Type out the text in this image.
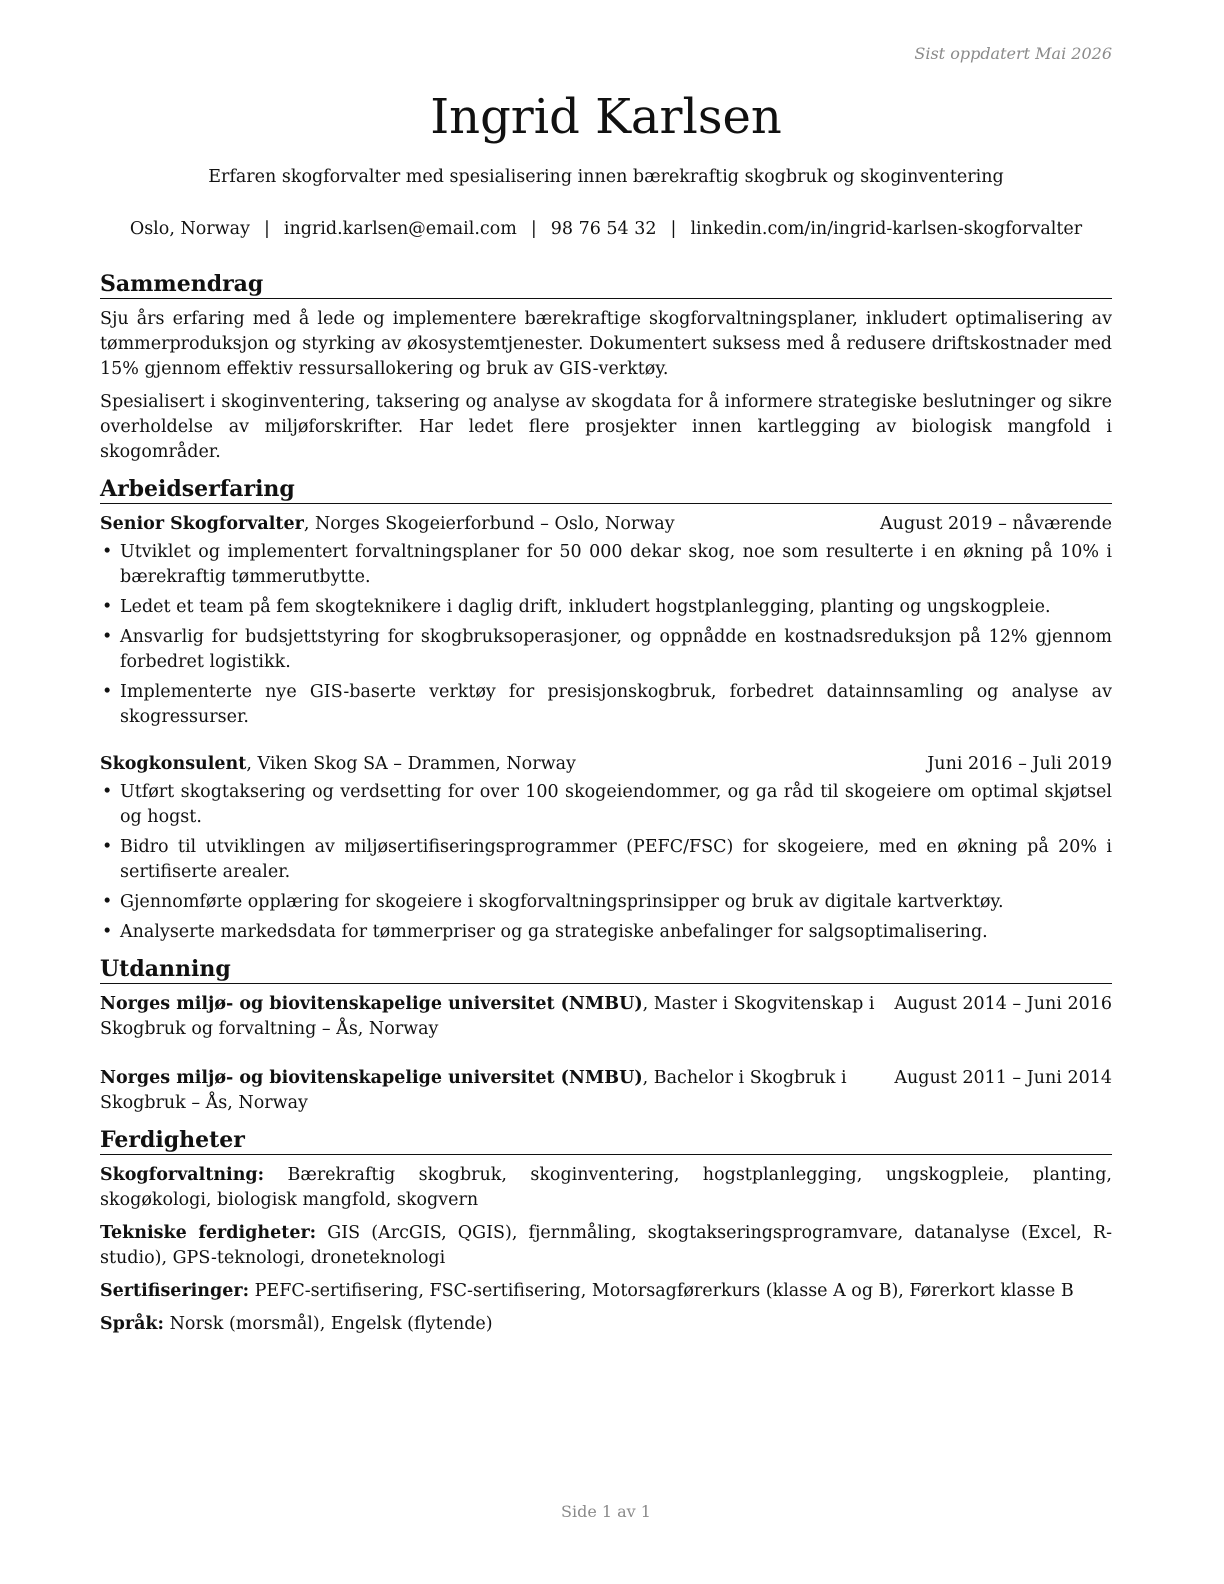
Sist oppdatert Mai 2026
Ingrid Karlsen
Erfaren skogforvalter med spesialisering innen bærekraftig skogbruk og skoginventering
Oslo, Norway | ingrid.karlsen@email.com | 98 76 54 32 | linkedin.com/in/ingrid-karlsen-skogforvalter
Sammendrag

Sju års erfaring med å lede og implementere bærekraftige skogforvaltningsplaner, inkludert optimalisering av tømmerproduksjon og styrking av økosystemtjenester. Dokumentert suksess med å redusere driftskostnader med 15% gjennom effektiv ressursallokering og bruk av GIS-verktøy.

Spesialisert i skoginventering, taksering og analyse av skogdata for å informere strategiske beslutninger og sikre overholdelse av miljøforskrifter. Har ledet flere prosjekter innen kartlegging av biologisk mangfold i skogområder.

Arbeidserfaring
Senior Skogforvalter, Norges Skogeierforbund – Oslo, Norway	August 2019 – nåværende
• Utviklet og implementert forvaltningsplaner for 50 000 dekar skog, noe som resulterte i en økning på 10% i bærekraftig tømmerutbytte.
• Ledet et team på fem skogteknikere i daglig drift, inkludert hogstplanlegging, planting og ungskogpleie.
• Ansvarlig for budsjettstyring for skogbruksoperasjoner, og oppnådde en kostnadsreduksjon på 12% gjennom forbedret logistikk.
• Implementerte nye GIS-baserte verktøy for presisjonskogbruk, forbedret datainnsamling og analyse av skogressurser.
Skogkonsulent, Viken Skog SA – Drammen, Norway	Juni 2016 – Juli 2019
• Utført skogtaksering og verdsetting for over 100 skogeiendommer, og ga råd til skogeiere om optimal skjøtsel og hogst.
• Bidro til utviklingen av miljøsertifiseringsprogrammer (PEFC/FSC) for skogeiere, med en økning på 20% i sertifiserte arealer.
• Gjennomførte opplæring for skogeiere i skogforvaltningsprinsipper og bruk av digitale kartverktøy.
• Analyserte markedsdata for tømmerpriser og ga strategiske anbefalinger for salgsoptimalisering.
Utdanning
Norges miljø- og biovitenskapelige universitet (NMBU), Master i Skogvitenskap i Skogbruk og forvaltning – Ås, Norway
August 2014 – Juni 2016
Norges miljø- og biovitenskapelige universitet (NMBU), Bachelor i Skogbruk i Skogbruk – Ås, Norway
August 2011 – Juni 2014
Ferdigheter
Skogforvaltning: Bærekraftig skogbruk, skoginventering, hogstplanlegging, ungskogpleie, planting, skogøkologi, biologisk mangfold, skogvern
Tekniske ferdigheter: GIS (ArcGIS, QGIS), fjernmåling, skogtakseringsprogramvare, datanalyse (Excel, R-studio), GPS-teknologi, droneteknologi
Sertifiseringer: PEFC-sertifisering, FSC-sertifisering, Motorsagførerkurs (klasse A og B), Førerkort klasse B
Språk: Norsk (morsmål), Engelsk (flytende)
Side 1 av 1
